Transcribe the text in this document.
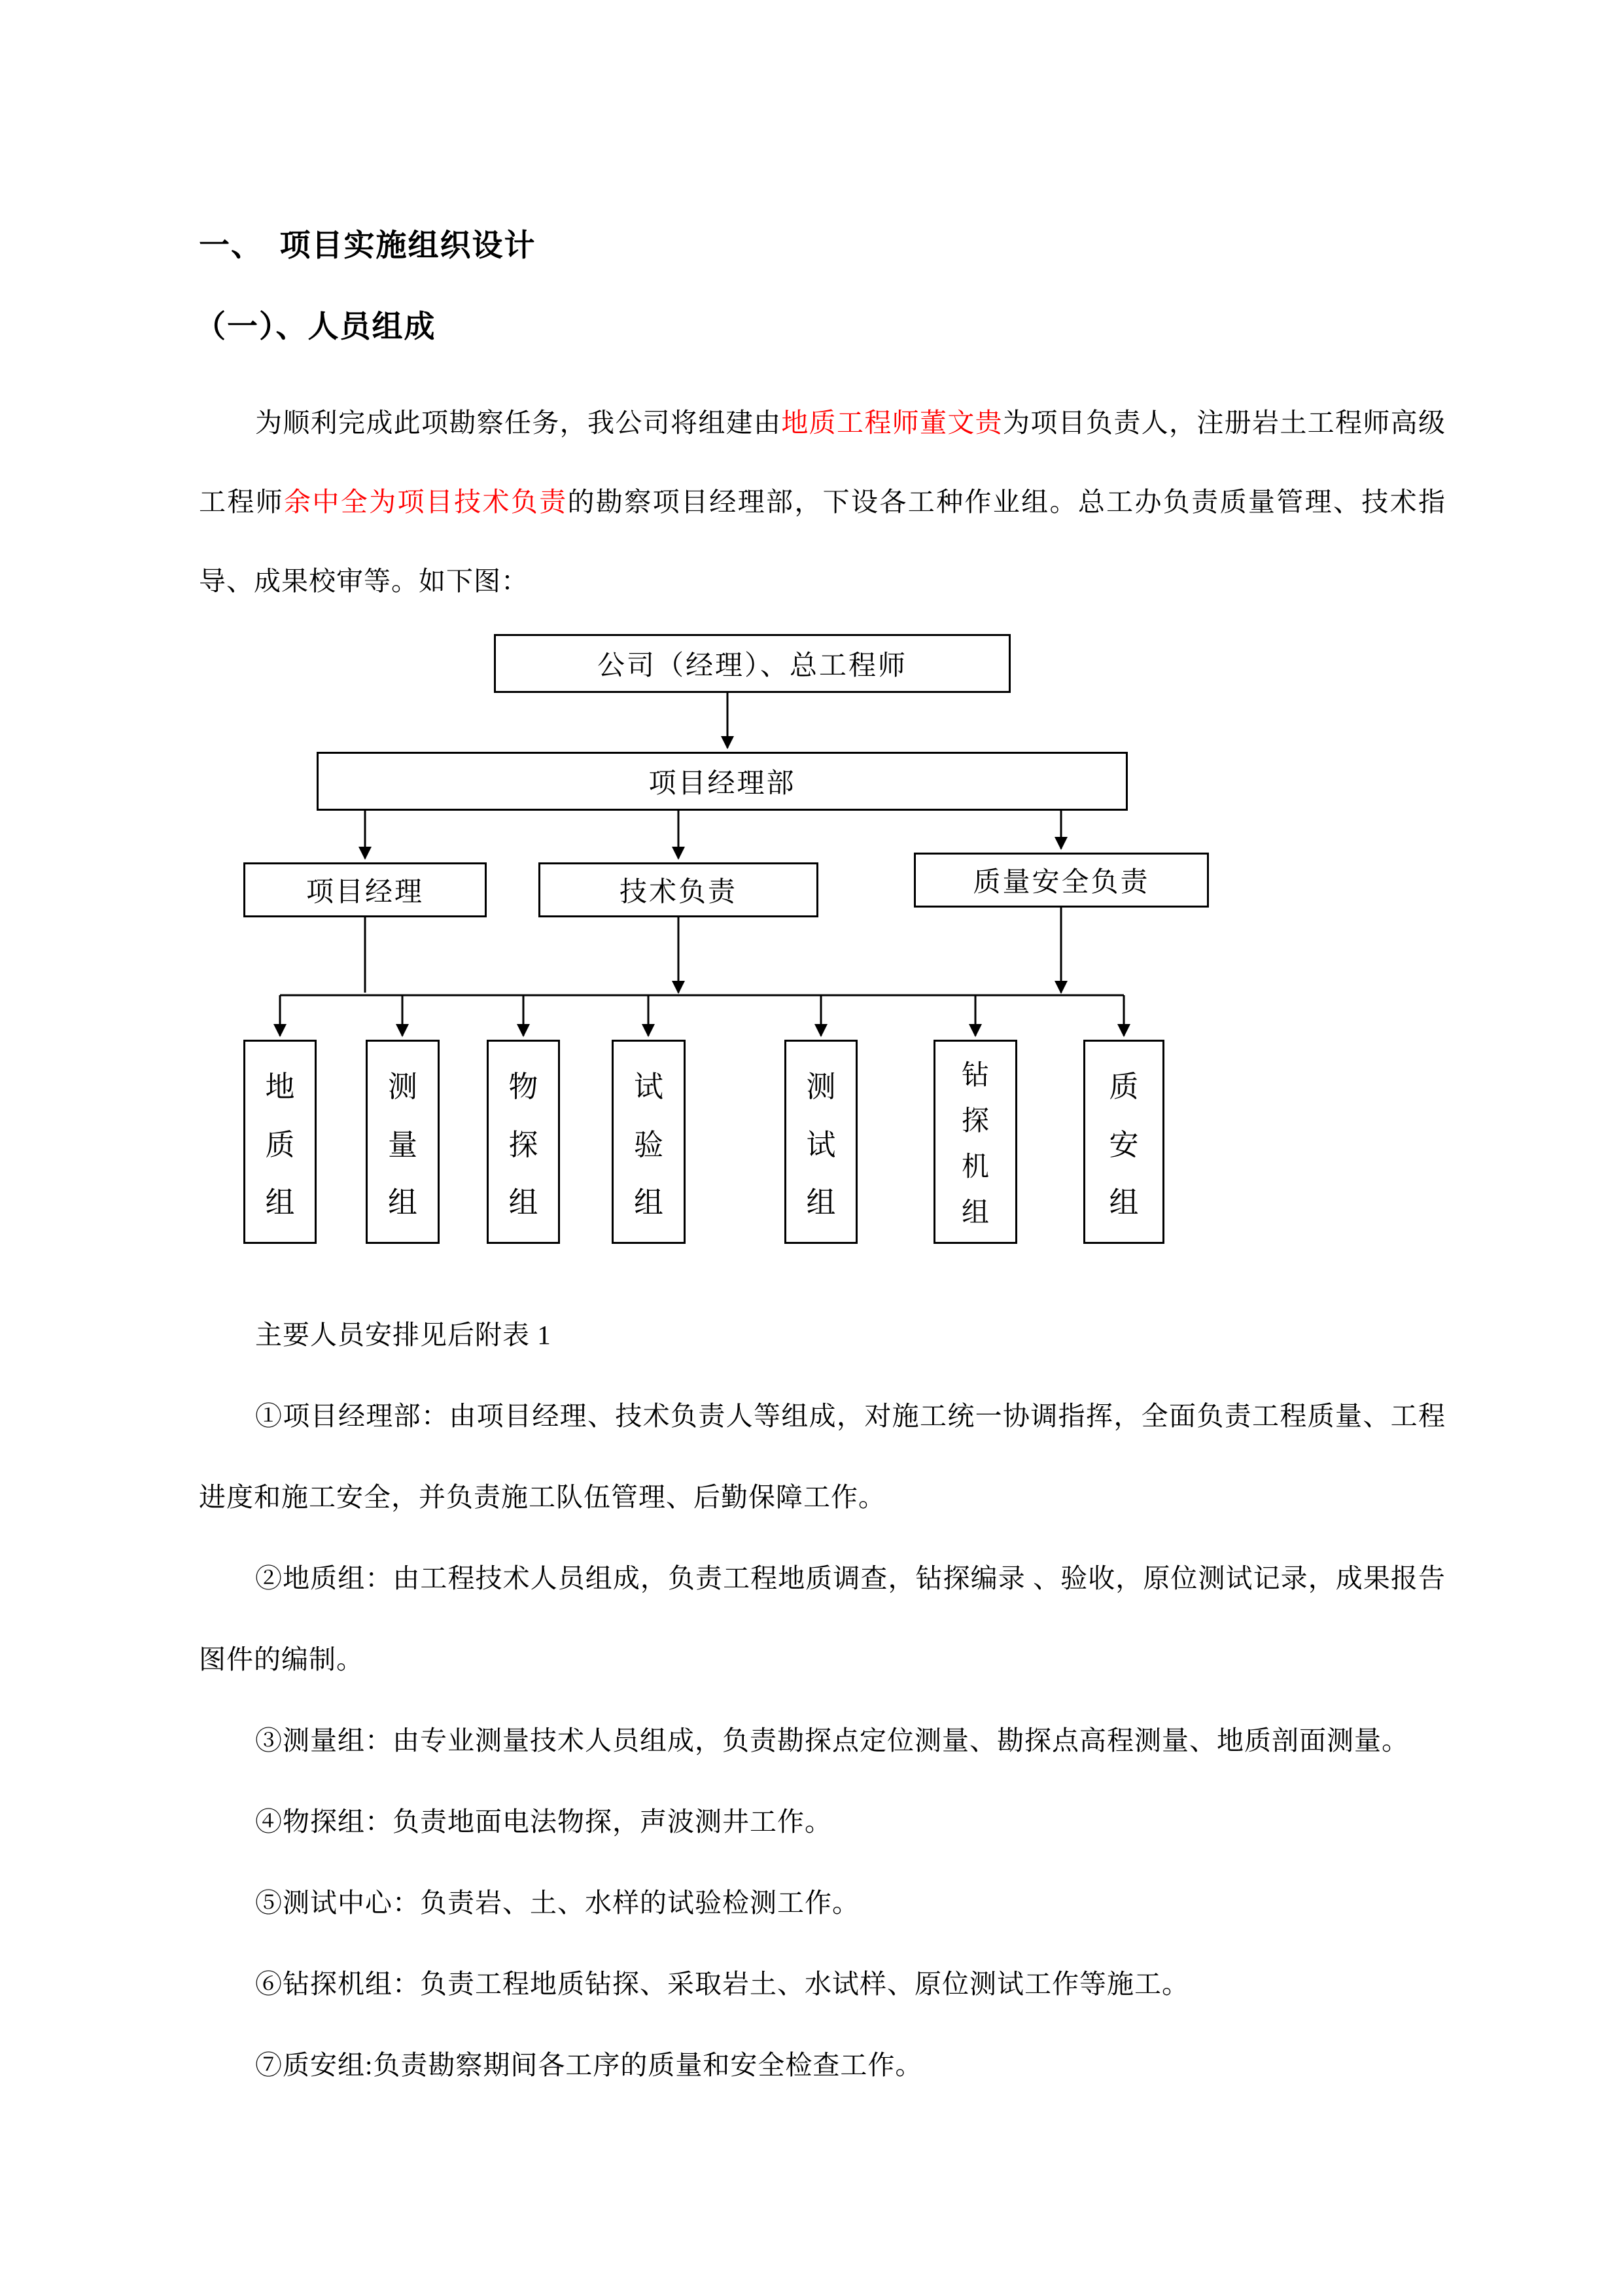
一、　项目实施组织设计
（一）、人员组成
为顺利完成此项勘察任务，我公司将组建由地质工程师董文贵为项目负责人，注册岩土工程师高级工程师余中全为项目技术负责的勘察项目经理部，下设各工种作业组。总工办负责质量管理、技术指导、成果校审等。如下图：
公司（经理）、总工程师
项目经理部
项目经理	技术负责	质量安全负责
地
质
组
测
量
组
物
探
组
试
验
组
测
试
组
钻
探
机
组
质
安
组

主要人员安排见后附表 1

①项目经理部：由项目经理、技术负责人等组成，对施工统一协调指挥，全面负责工程质量、工程进度和施工安全，并负责施工队伍管理、后勤保障工作。

②地质组：由工程技术人员组成，负责工程地质调查，钻探编录 、验收，原位测试记录，成果报告图件的编制。

③测量组：由专业测量技术人员组成，负责勘探点定位测量、勘探点高程测量、地质剖面测量。

④物探组：负责地面电法物探，声波测井工作。

⑤测试中心：负责岩、土、水样的试验检测工作。

⑥钻探机组：负责工程地质钻探、采取岩土、水试样、原位测试工作等施工。

⑦质安组:负责勘察期间各工序的质量和安全检查工作。
